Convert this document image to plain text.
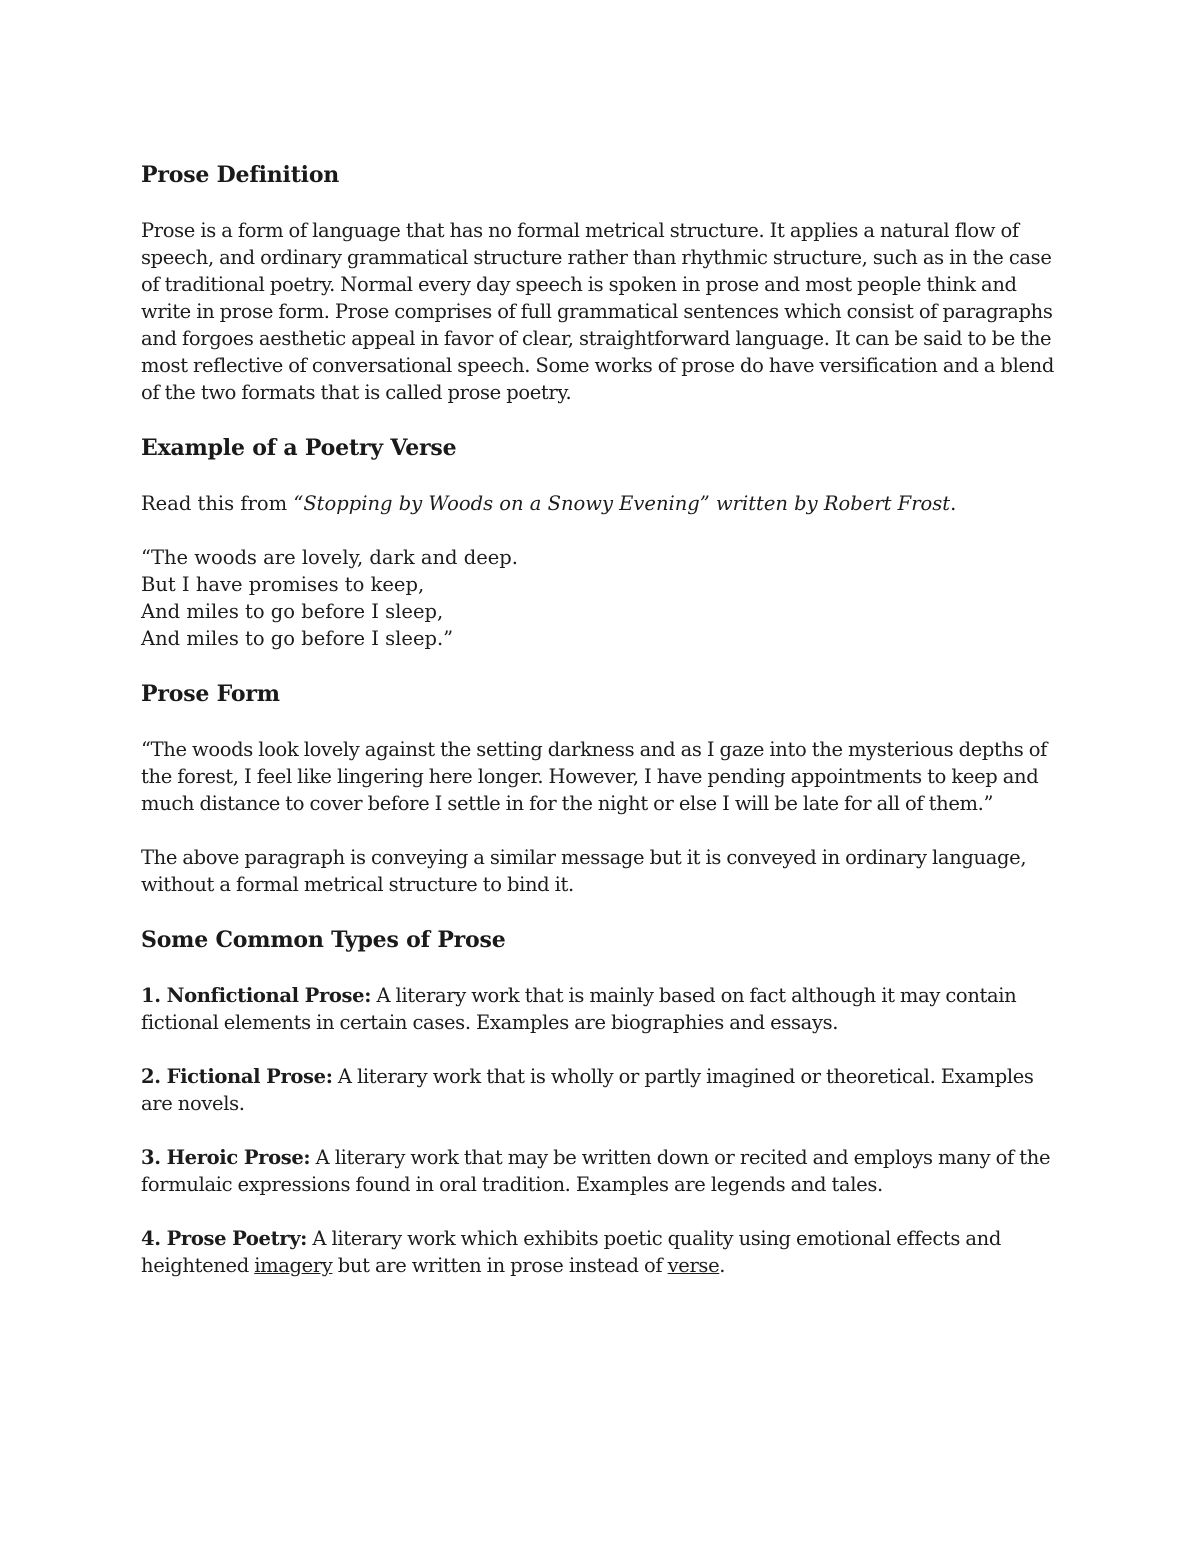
Prose Definition

Prose is a form of language that has no formal metrical structure. It applies a natural flow of speech, and ordinary grammatical structure rather than rhythmic structure, such as in the case of traditional poetry. Normal every day speech is spoken in prose and most people think and write in prose form. Prose comprises of full grammatical sentences which consist of paragraphs and forgoes aesthetic appeal in favor of clear, straightforward language. It can be said to be the most reflective of conversational speech. Some works of prose do have versification and a blend of the two formats that is called prose poetry.

Example of a Poetry Verse

Read this from “Stopping by Woods on a Snowy Evening” written by Robert Frost.

“The woods are lovely, dark and deep.
But I have promises to keep,
And miles to go before I sleep,
And miles to go before I sleep.”

Prose Form

“The woods look lovely against the setting darkness and as I gaze into the mysterious depths of the forest, I feel like lingering here longer. However, I have pending appointments to keep and much distance to cover before I settle in for the night or else I will be late for all of them.”

The above paragraph is conveying a similar message but it is conveyed in ordinary language, without a formal metrical structure to bind it.

Some Common Types of Prose

1. Nonfictional Prose: A literary work that is mainly based on fact although it may contain fictional elements in certain cases. Examples are biographies and essays.

2. Fictional Prose: A literary work that is wholly or partly imagined or theoretical. Examples are novels.

3. Heroic Prose: A literary work that may be written down or recited and employs many of the formulaic expressions found in oral tradition. Examples are legends and tales.

4. Prose Poetry: A literary work which exhibits poetic quality using emotional effects and heightened imagery but are written in prose instead of verse.
